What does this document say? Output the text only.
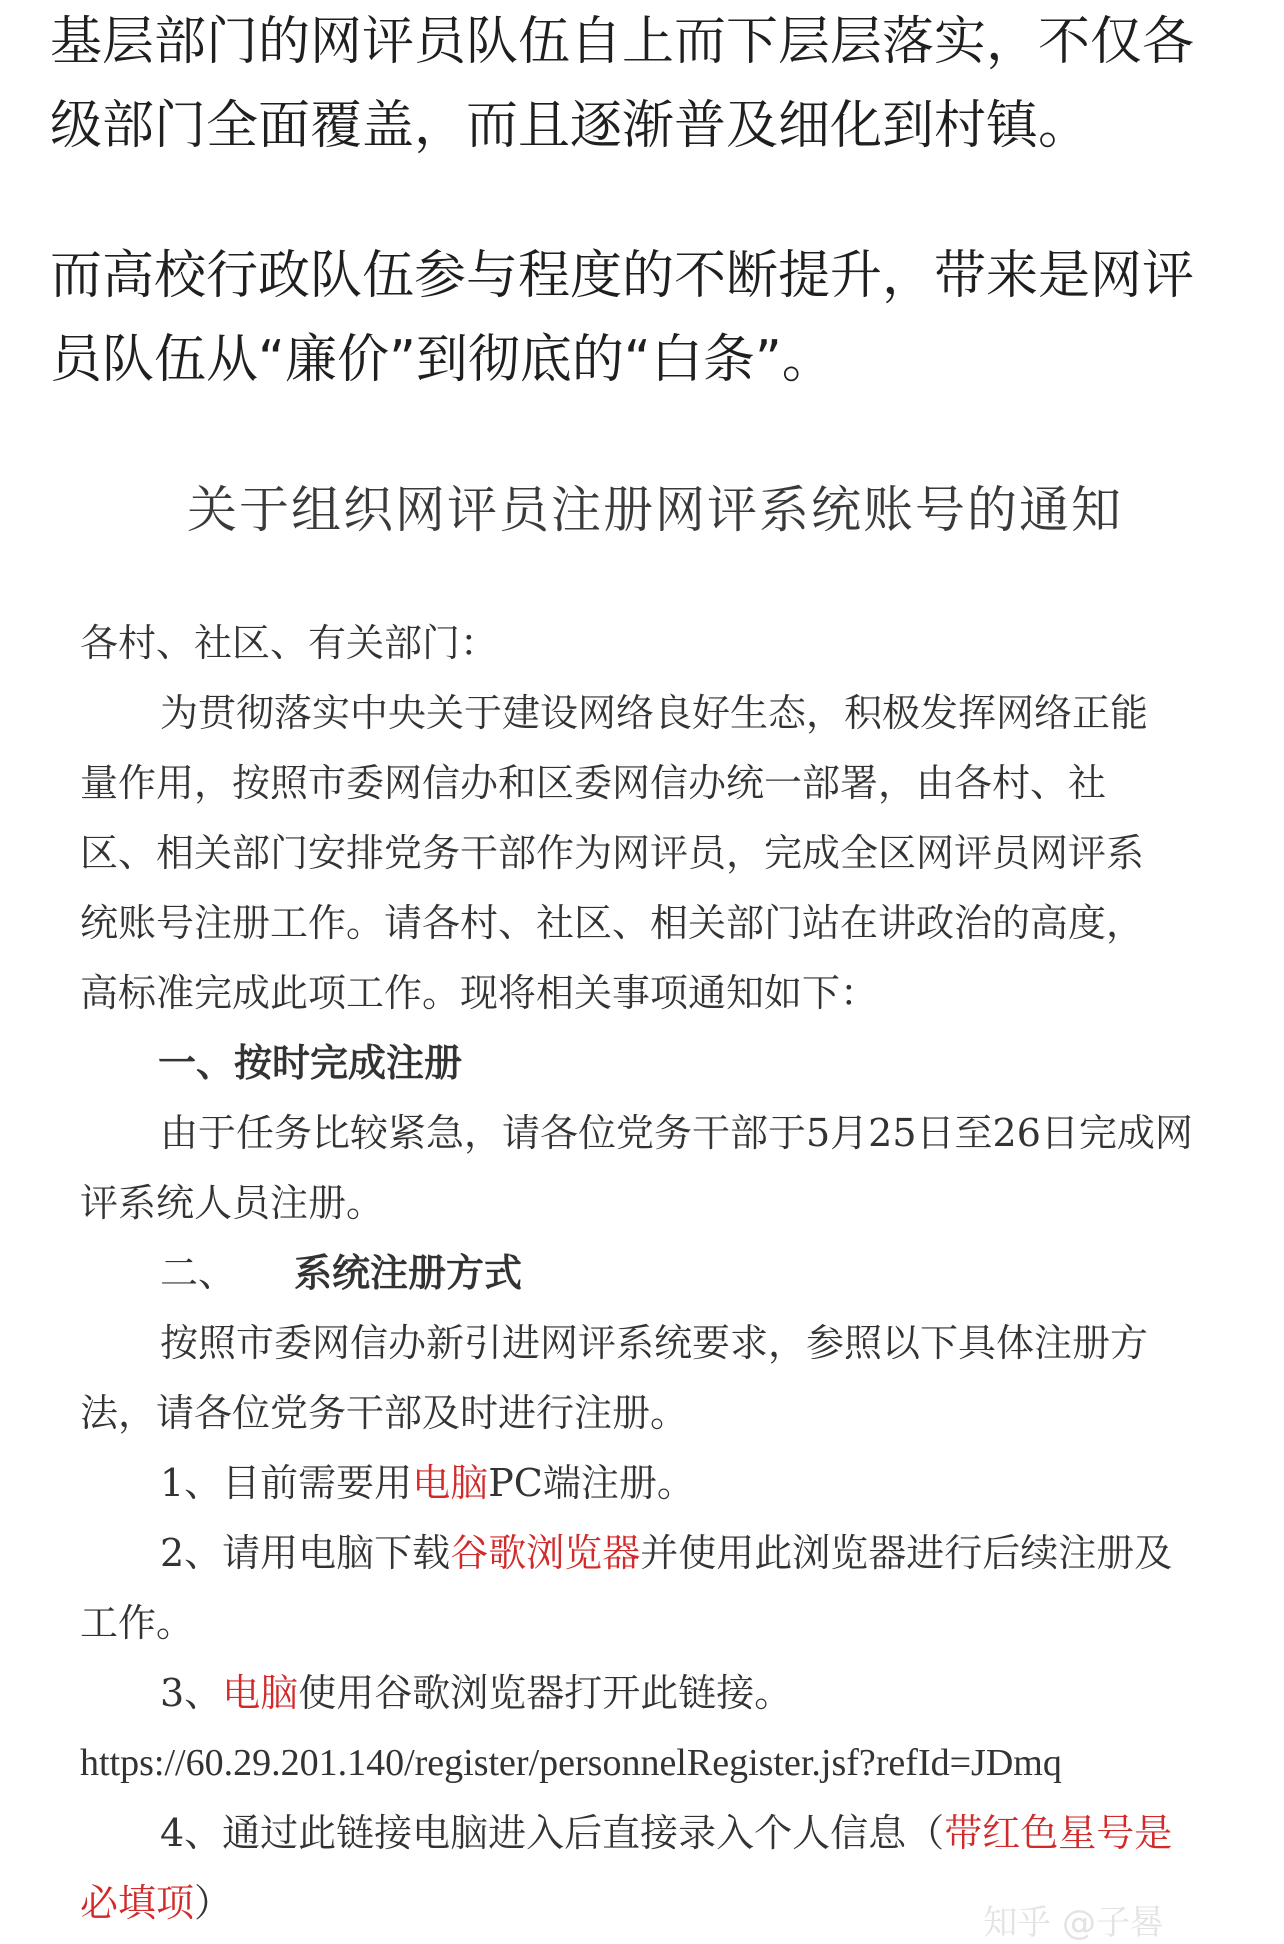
基层部门的网评员队伍自上而下层层落实，不仅各
级部门全面覆盖，而且逐渐普及细化到村镇。

而高校行政队伍参与程度的不断提升，带来是网评
员队伍从“廉价”到彻底的“白条”。

关于组织网评员注册网评系统账号的通知
各村、社区、有关部门：
为贯彻落实中央关于建设网络良好生态，积极发挥网络正能
量作用，按照市委网信办和区委网信办统一部署，由各村、社
区、相关部门安排党务干部作为网评员，完成全区网评员网评系
统账号注册工作。请各村、社区、相关部门站在讲政治的高度，
高标准完成此项工作。现将相关事项通知如下：
一、按时完成注册
由于任务比较紧急，请各位党务干部于5月25日至26日完成网
评系统人员注册。
二、 系统注册方式
按照市委网信办新引进网评系统要求，参照以下具体注册方
法，请各位党务干部及时进行注册。
1、目前需要用电脑PC端注册。
2、请用电脑下载谷歌浏览器并使用此浏览器进行后续注册及
工作。
3、电脑使用谷歌浏览器打开此链接。
https://60.29.201.140/register/personnelRegister.jsf?refId=JDmq
4、通过此链接电脑进入后直接录入个人信息（带红色星号是
必填项）	知乎 @子晷
